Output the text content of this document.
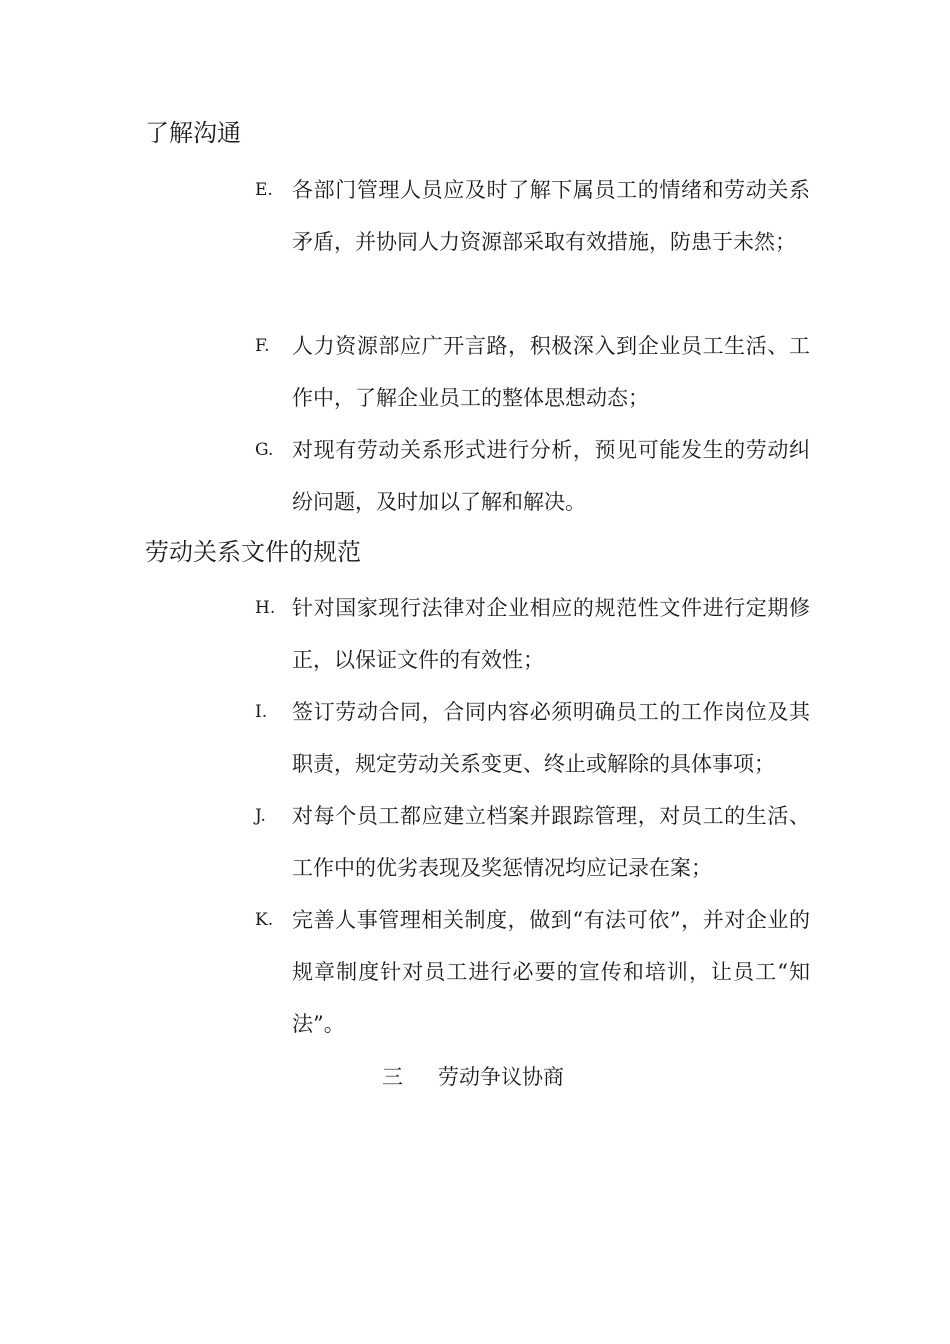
了解沟通
E. 各部门管理人员应及时了解下属员工的情绪和劳动关系矛盾，并协同人力资源部采取有效措施，防患于未然；
F.	人力资源部应广开言路，积极深入到企业员工生活、工作中，了解企业员工的整体思想动态；
G. 对现有劳动关系形式进行分析，预见可能发生的劳动纠纷问题，及时加以了解和解决。
劳动关系文件的规范
H. 针对国家现行法律对企业相应的规范性文件进行定期修正，以保证文件的有效性；
I.	签订劳动合同，合同内容必须明确员工的工作岗位及其职责，规定劳动关系变更、终止或解除的具体事项；
J.	对每个员工都应建立档案并跟踪管理，对员工的生活、工作中的优劣表现及奖惩情况均应记录在案；
K. 完善人事管理相关制度，做到“有法可依”，并对企业的规章制度针对员工进行必要的宣传和培训，让员工“知法”。
三 劳动争议协商
